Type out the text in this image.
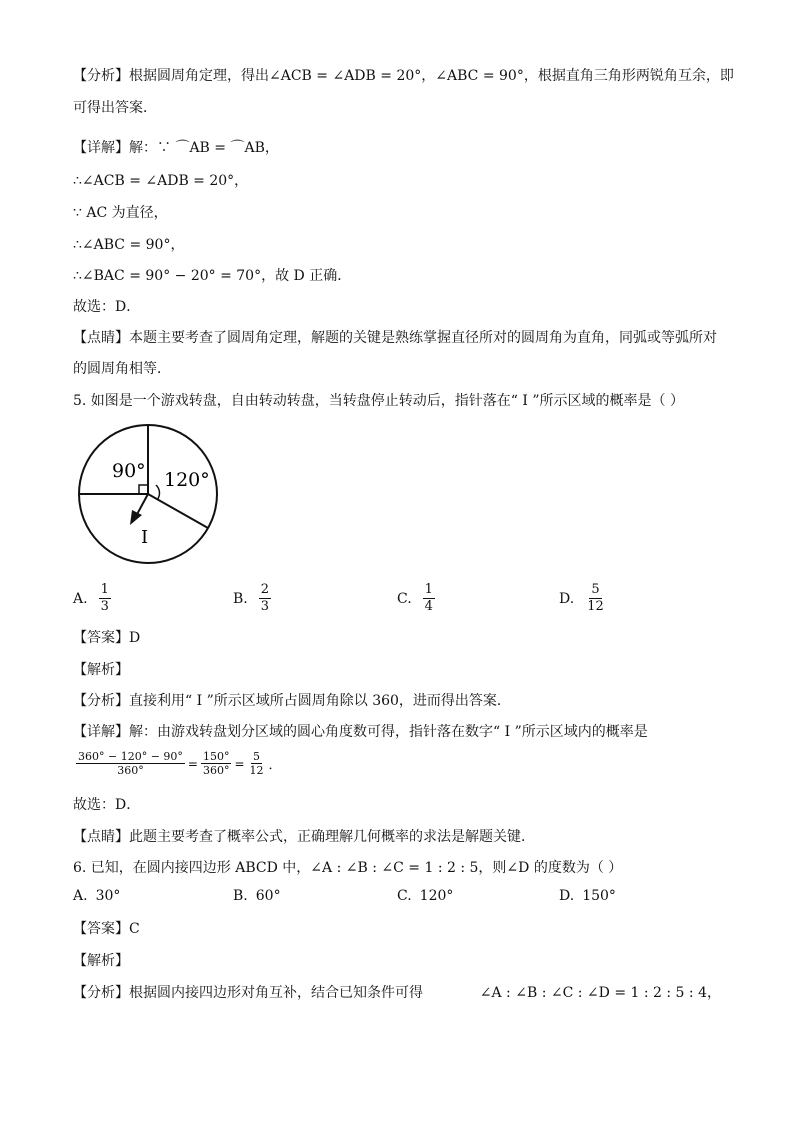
【分析】根据圆周角定理，得出∠ACB = ∠ADB = 20°，∠ABC = 90°，根据直角三角形两锐角互余，即
可得出答案．
【详解】解：∵ ⌒AB = ⌒AB，
∴∠ACB = ∠ADB = 20°，
∵ AC 为直径，
∴∠ABC = 90°，
∴∠BAC = 90° − 20° = 70°，故 D 正确．
故选：D．
【点睛】本题主要考查了圆周角定理，解题的关键是熟练掌握直径所对的圆周角为直角，同弧或等弧所对
的圆周角相等．
5. 如图是一个游戏转盘，自由转动转盘，当转盘停止转动后，指针落在“ I ”所示区域的概率是（ ）
90° 120°
I
A. $\frac{1}{3}$	B. $\frac{2}{3}$	C. $\frac{1}{4}$	D. $\frac{5}{12}$
【答案】D
【解析】
【分析】直接利用“ I ”所示区域所占圆周角除以 360，进而得出答案．
【详解】解：由游戏转盘划分区域的圆心角度数可得，指针落在数字“ I ”所示区域内的概率是
$\frac{360^\circ - 120^\circ - 90^\circ}{360^\circ} = \frac{150^\circ}{360^\circ} = \frac{5}{12}$ ．
故选：D．
【点睛】此题主要考查了概率公式，正确理解几何概率的求法是解题关键．
6. 已知，在圆内接四边形 ABCD 中，∠A : ∠B : ∠C = 1 : 2 : 5，则∠D 的度数为（ ）
A. 30°	B. 60°	C. 120°	D. 150°
【答案】C
【解析】
【分析】根据圆内接四边形对角互补，结合已知条件可得	∠A : ∠B : ∠C : ∠D = 1 : 2 : 5 : 4，
